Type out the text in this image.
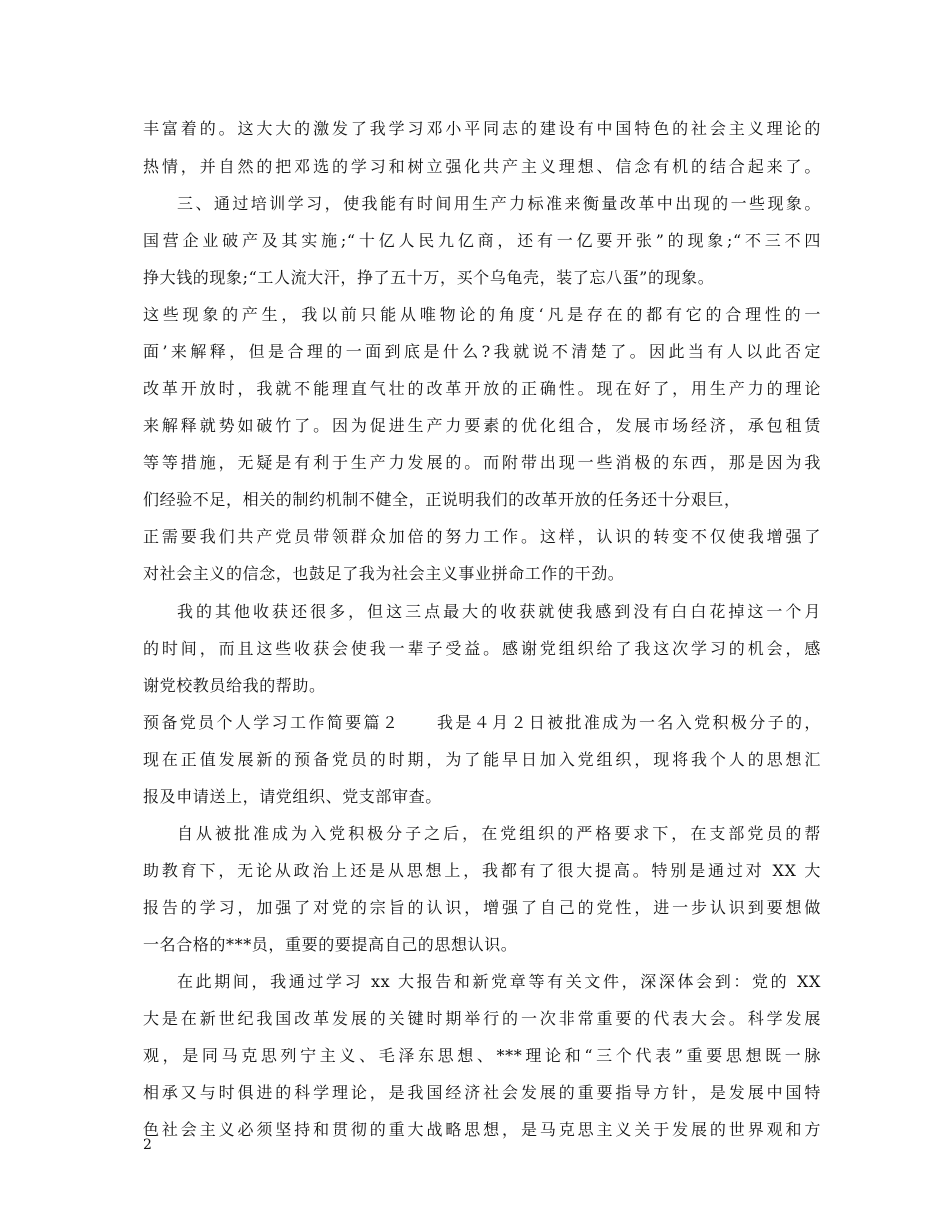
丰富着的。这大大的激发了我学习邓小平同志的建设有中国特色的社会主义理论的
热情，并自然的把邓选的学习和树立强化共产主义理想、信念有机的结合起来了。
三、通过培训学习，使我能有时间用生产力标准来衡量改革中出现的一些现象。
国营企业破产及其实施;“十亿人民九亿商，还有一亿要开张”的现象;“不三不四
挣大钱的现象;“工人流大汗，挣了五十万，买个乌龟壳，装了忘八蛋”的现象。
这些现象的产生，我以前只能从唯物论的角度‘凡是存在的都有它的合理性的一
面’来解释，但是合理的一面到底是什么?我就说不清楚了。因此当有人以此否定
改革开放时，我就不能理直气壮的改革开放的正确性。现在好了，用生产力的理论
来解释就势如破竹了。因为促进生产力要素的优化组合，发展市场经济，承包租赁
等等措施，无疑是有利于生产力发展的。而附带出现一些消极的东西，那是因为我
们经验不足，相关的制约机制不健全，正说明我们的改革开放的任务还十分艰巨，
正需要我们共产党员带领群众加倍的努力工作。这样，认识的转变不仅使我增强了
对社会主义的信念，也鼓足了我为社会主义事业拼命工作的干劲。
我的其他收获还很多，但这三点最大的收获就使我感到没有白白花掉这一个月
的时间，而且这些收获会使我一辈子受益。感谢党组织给了我这次学习的机会，感
谢党校教员给我的帮助。
预备党员个人学习工作简要篇２　　我是４月２日被批准成为一名入党积极分子的，
现在正值发展新的预备党员的时期，为了能早日加入党组织，现将我个人的思想汇
报及申请送上，请党组织、党支部审查。
自从被批准成为入党积极分子之后，在党组织的严格要求下，在支部党员的帮
助教育下，无论从政治上还是从思想上，我都有了很大提高。特别是通过对 XX 大
报告的学习，加强了对党的宗旨的认识，增强了自己的党性，进一步认识到要想做
一名合格的***员，重要的要提高自己的思想认识。
在此期间，我通过学习 xx 大报告和新党章等有关文件，深深体会到：党的 XX
大是在新世纪我国改革发展的关键时期举行的一次非常重要的代表大会。科学发展
观，是同马克思列宁主义、毛泽东思想、***理论和“三个代表”重要思想既一脉
相承又与时俱进的科学理论，是我国经济社会发展的重要指导方针，是发展中国特
色社会主义必须坚持和贯彻的重大战略思想，是马克思主义关于发展的世界观和方
2
